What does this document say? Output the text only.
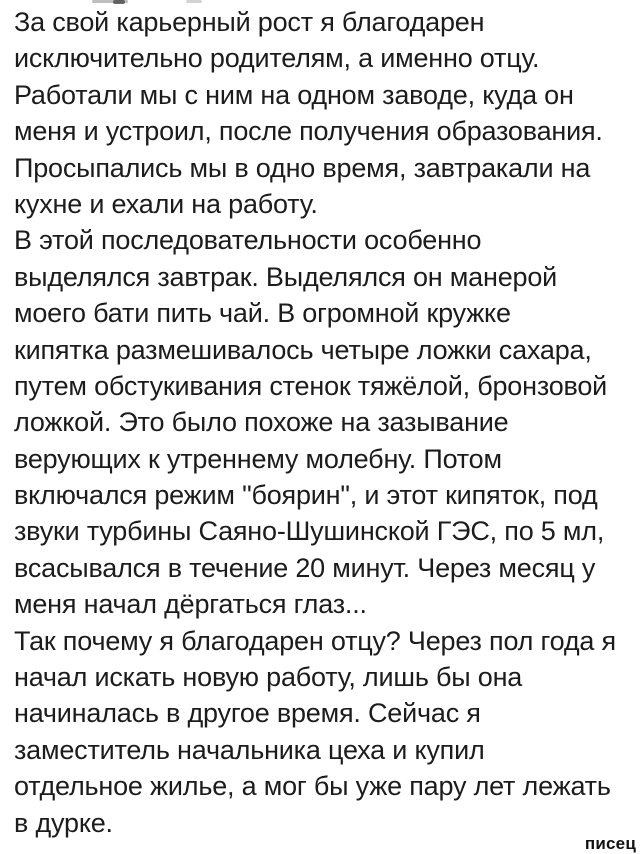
За свой карьерный рост я благодарен
исключительно родителям, а именно отцу.
Работали мы с ним на одном заводе, куда он
меня и устроил, после получения образования.
Просыпались мы в одно время, завтракали на
кухне и ехали на работу.
В этой последовательности особенно
выделялся завтрак. Выделялся он манерой
моего бати пить чай. В огромной кружке
кипятка размешивалось четыре ложки сахара,
путем обстукивания стенок тяжёлой, бронзовой
ложкой. Это было похоже на зазывание
верующих к утреннему молебну. Потом
включался режим "боярин", и этот кипяток, под
звуки турбины Саяно-Шушинской ГЭС, по 5 мл,
всасывался в течение 20 минут. Через месяц у
меня начал дёргаться глаз...
Так почему я благодарен отцу? Через пол года я
начал искать новую работу, лишь бы она
начиналась в другое время. Сейчас я
заместитель начальника цеха и купил
отдельное жилье, а мог бы уже пару лет лежать
в дурке.
писец
